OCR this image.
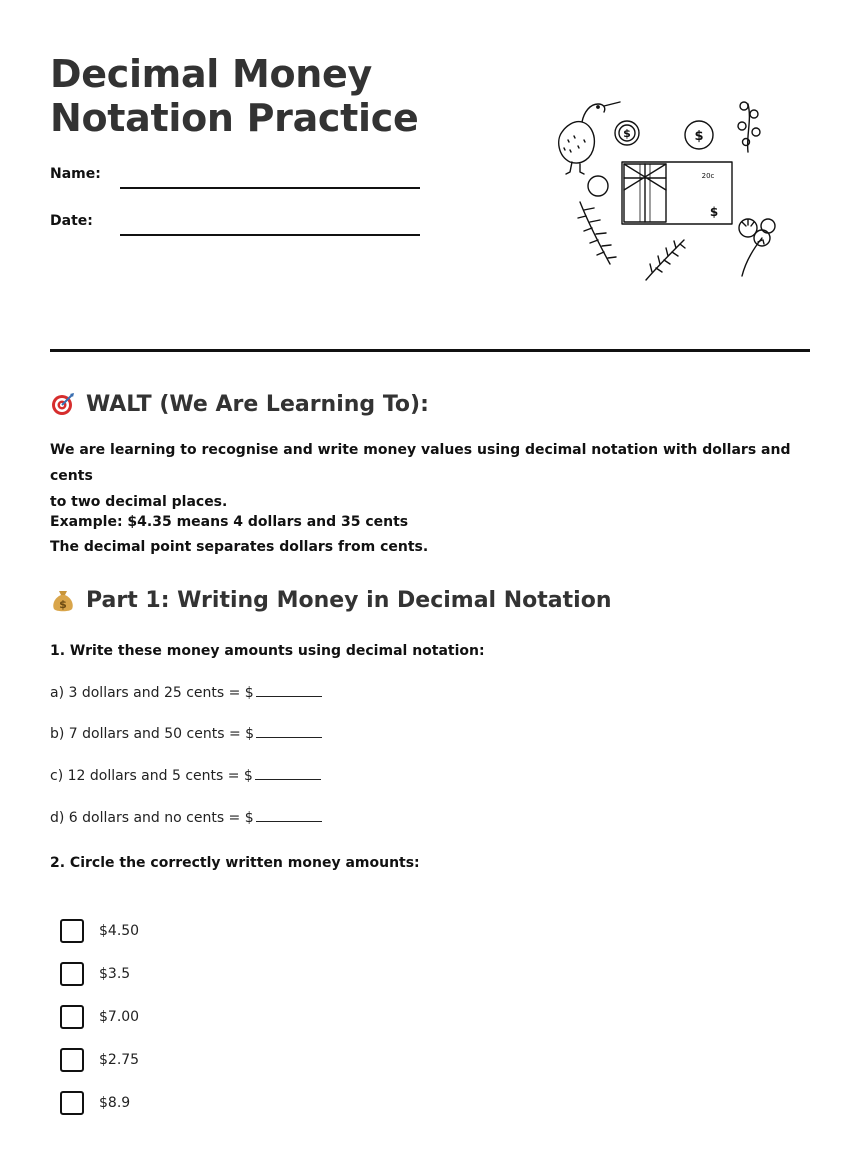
Decimal Money
Notation Practice
Name:
Date:
$	$
20c
$
WALT (We Are Learning To):
We are learning to recognise and write money values using decimal notation with dollars and cents
to two decimal places.
Example: $4.35 means 4 dollars and 35 cents
The decimal point separates dollars from cents.
$ Part 1: Writing Money in Decimal Notation
1. Write these money amounts using decimal notation:
a) 3 dollars and 25 cents = $
b) 7 dollars and 50 cents = $
c) 12 dollars and 5 cents = $
d) 6 dollars and no cents = $
2. Circle the correctly written money amounts:
$4.50
$3.5
$7.00
$2.75
$8.9
